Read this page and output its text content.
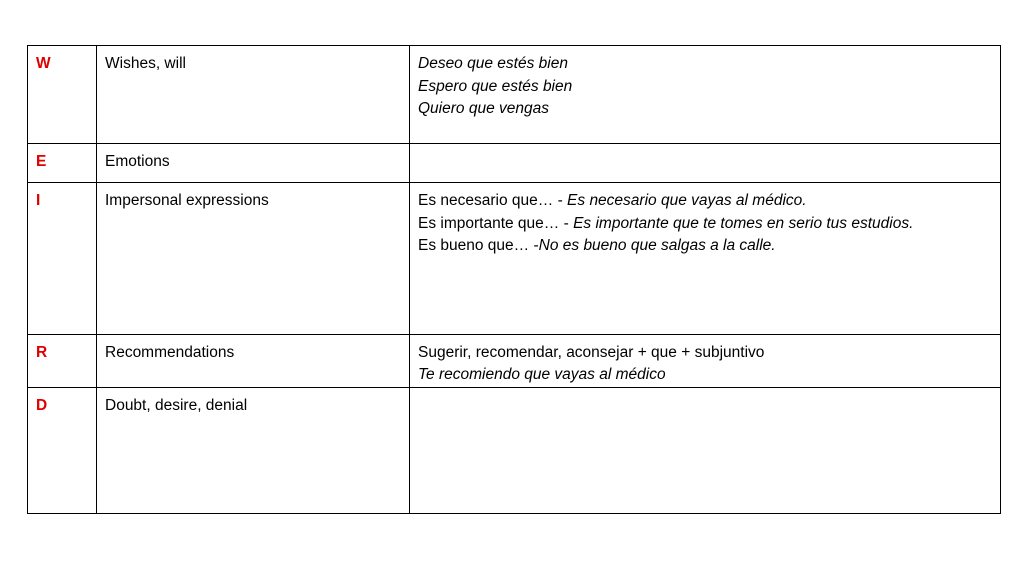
W	Wishes, will	Deseo que estés bien
Espero que estés bien
Quiero que vengas

E	Emotions	
I	Impersonal expressions	Es necesario que… - Es necesario que vayas al médico.
Es importante que… - Es importante que te tomes en serio tus estudios.
Es bueno que… -No es bueno que salgas a la calle.

R	Recommendations	Sugerir, recomendar, aconsejar + que + subjuntivo
Te recomiendo que vayas al médico

D	Doubt, desire, denial	
